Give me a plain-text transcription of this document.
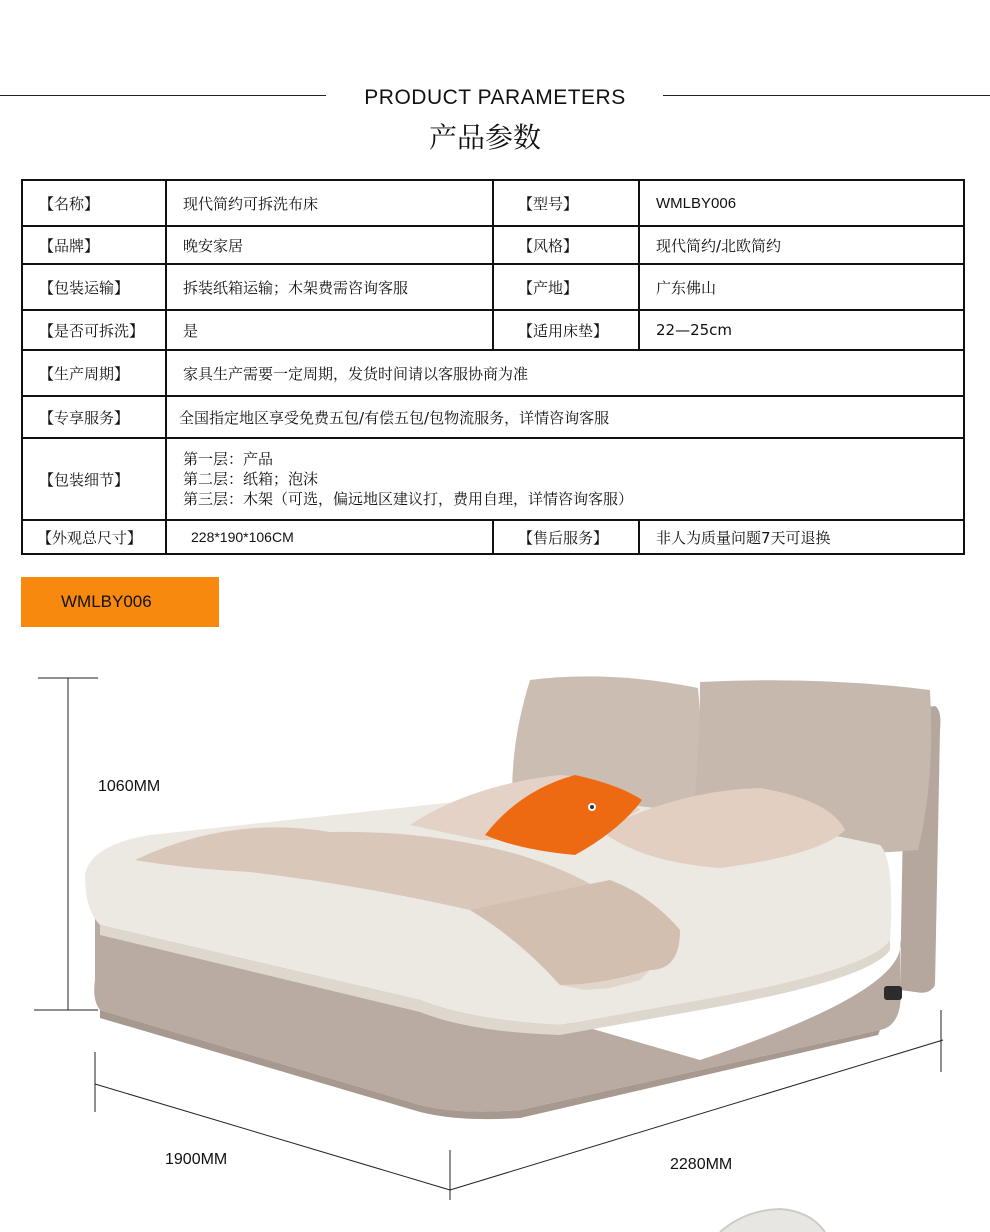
PRODUCT PARAMETERS
产品参数
【名称】	现代简约可拆洗布床	【型号】	WMLBY006
【品牌】	晚安家居	【风格】	现代简约/北欧简约
【包装运输】	拆装纸箱运输；木架费需咨询客服	【产地】	广东佛山
【是否可拆洗】	是	【适用床垫】	22—25cm
【生产周期】	家具生产需要一定周期，发货时间请以客服协商为准		
【专享服务】	全国指定地区享受免费五包/有偿五包/包物流服务，详情咨询客服		
【包装细节】	第一层：产品
第二层：纸箱；泡沫
第三层：木架（可选，偏远地区建议打，费用自理，详情咨询客服）		

【外观总尺寸】	228*190*106CM	【售后服务】	非人为质量问题7天可退换
WMLBY006
1060MM
1900MM	2280MM
